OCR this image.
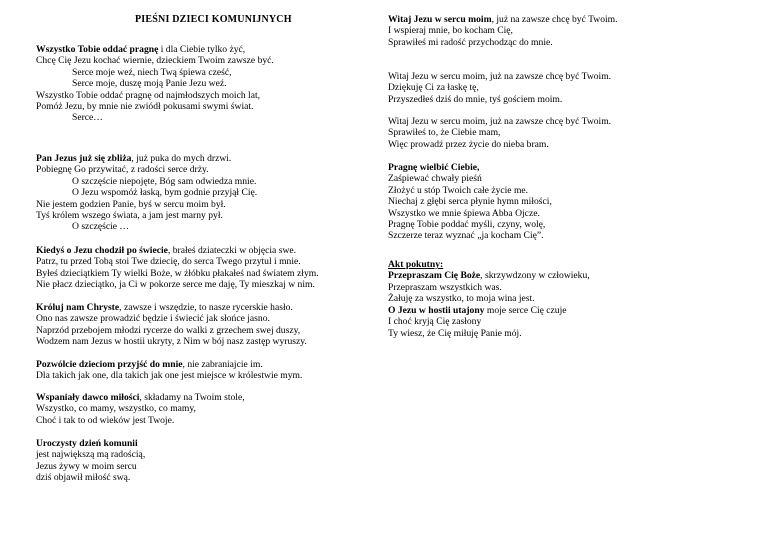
PIEŚNI DZIECI KOMUNIJNYCH
Wszystko Tobie oddać pragnę i dla Ciebie tylko żyć,
Chcę Cię Jezu kochać wiernie, dzieckiem Twoim zawsze być.
Serce moje weź, niech Twą śpiewa cześć,
Serce moje, duszę moją Panie Jezu weź.
Wszystko Tobie oddać pragnę od najmłodszych moich lat,
Pomóż Jezu, by mnie nie zwiódł pokusami swymi świat.
Serce…
Pan Jezus już się zbliża, już puka do mych drzwi.
Pobiegnę Go przywitać, z radości serce drży.
O szczęście niepojęte, Bóg sam odwiedza mnie.
O Jezu wspomóż łaską, bym godnie przyjął Cię.
Nie jestem godzien Panie, byś w sercu moim był.
Tyś królem wszego świata, a jam jest marny pył.
O szczęście …
Kiedyś o Jezu chodził po świecie, brałeś dziateczki w objęcia swe.
Patrz, tu przed Tobą stoi Twe dziecię, do serca Twego przytul i mnie.
Byłeś dzieciątkiem Ty wielki Boże, w żłóbku płakałeś nad światem złym.
Nie płacz dzieciątko, ja Ci w pokorze serce me daję, Ty mieszkaj w nim.
Króluj nam Chryste, zawsze i wszędzie, to nasze rycerskie hasło.
Ono nas zawsze prowadzić będzie i świecić jak słońce jasno.
Naprzód przebojem młodzi rycerze do walki z grzechem swej duszy,
Wodzem nam Jezus w hostii ukryty, z Nim w bój nasz zastęp wyruszy.
Pozwólcie dzieciom przyjść do mnie, nie zabraniajcie im.
Dla takich jak one, dla takich jak one jest miejsce w królestwie mym.
Wspaniały dawco miłości, składamy na Twoim stole,
Wszystko, co mamy, wszystko, co mamy,
Choć i tak to od wieków jest Twoje.
Uroczysty dzień komunii
jest największą mą radością,
Jezus żywy w moim sercu
dziś objawił miłość swą.
Witaj Jezu w sercu moim, już na zawsze chcę być Twoim.
I wspieraj mnie, bo kocham Cię,
Sprawiłeś mi radość przychodząc do mnie.
Witaj Jezu w sercu moim, już na zawsze chcę być Twoim.
Dziękuję Ci za łaskę tę,
Przyszedłeś dziś do mnie, tyś gościem moim.
Witaj Jezu w sercu moim, już na zawsze chcę być Twoim.
Sprawiłeś to, że Ciebie mam,
Więc prowadź przez życie do nieba bram.
Pragnę wielbić Ciebie,
Zaśpiewać chwały pieśń
Złożyć u stóp Twoich całe życie me.
Niechaj z głębi serca płynie hymn miłości,
Wszystko we mnie śpiewa Abba Ojcze.
Pragnę Tobie poddać myśli, czyny, wolę,
Szczerze teraz wyznać „ja kocham Cię”.
Akt pokutny:
Przepraszam Cię Boże, skrzywdzony w człowieku,
Przepraszam wszystkich was.
Żałuję za wszystko, to moja wina jest.
O Jezu w hostii utajony moje serce Cię czuje
I choć kryją Cię zasłony
Ty wiesz, że Cię miłuję Panie mój.
